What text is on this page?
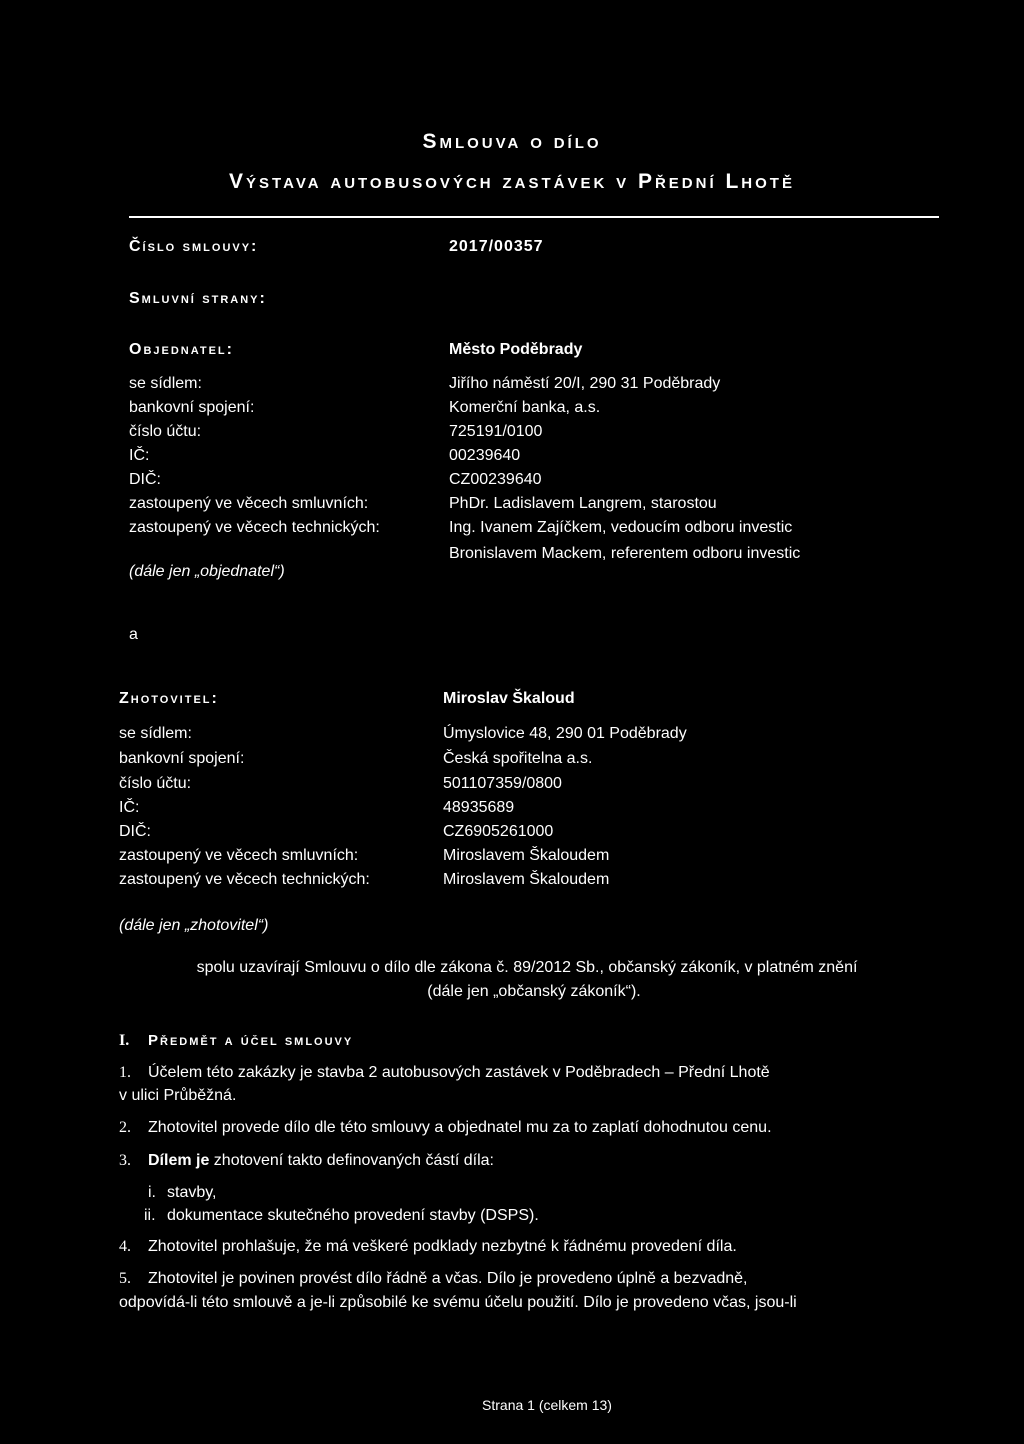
Smlouva o dílo
Výstava autobusových zastávek v Přední Lhotě
Číslo smlouvy:	2017/00357
Smluvní strany:
Objednatel:	Město Poděbrady
se sídlem:	Jiřího náměstí 20/I, 290 31 Poděbrady
bankovní spojení:	Komerční banka, a.s.
číslo účtu:	725191/0100
IČ:	00239640
DIČ:	CZ00239640
zastoupený ve věcech smluvních:	PhDr. Ladislavem Langrem, starostou
zastoupený ve věcech technických:	Ing. Ivanem Zajíčkem, vedoucím odboru investic
Bronislavem Mackem, referentem odboru investic
(dále jen „objednatel“)
a
Zhotovitel:	Miroslav Škaloud
se sídlem:	Úmyslovice 48, 290 01 Poděbrady
bankovní spojení:	Česká spořitelna a.s.
číslo účtu:	501107359/0800
IČ:	48935689
DIČ:	CZ6905261000
zastoupený ve věcech smluvních:	Miroslavem Škaloudem
zastoupený ve věcech technických:	Miroslavem Škaloudem
(dále jen „zhotovitel“)
spolu uzavírají Smlouvu o dílo dle zákona č. 89/2012 Sb., občanský zákoník, v platném znění
(dále jen „občanský zákoník“).
I. Předmět a účel smlouvy
1. Účelem této zakázky je stavba 2 autobusových zastávek v Poděbradech – Přední Lhotě
v ulici Průběžná.
2. Zhotovitel provede dílo dle této smlouvy a objednatel mu za to zaplatí dohodnutou cenu.
3. Dílem je zhotovení takto definovaných částí díla:
i. stavby,
ii. dokumentace skutečného provedení stavby (DSPS).
4. Zhotovitel prohlašuje, že má veškeré podklady nezbytné k řádnému provedení díla.
5. Zhotovitel je povinen provést dílo řádně a včas. Dílo je provedeno úplně a bezvadně,
odpovídá-li této smlouvě a je-li způsobilé ke svému účelu použití. Dílo je provedeno včas, jsou-li
Strana 1 (celkem 13)
